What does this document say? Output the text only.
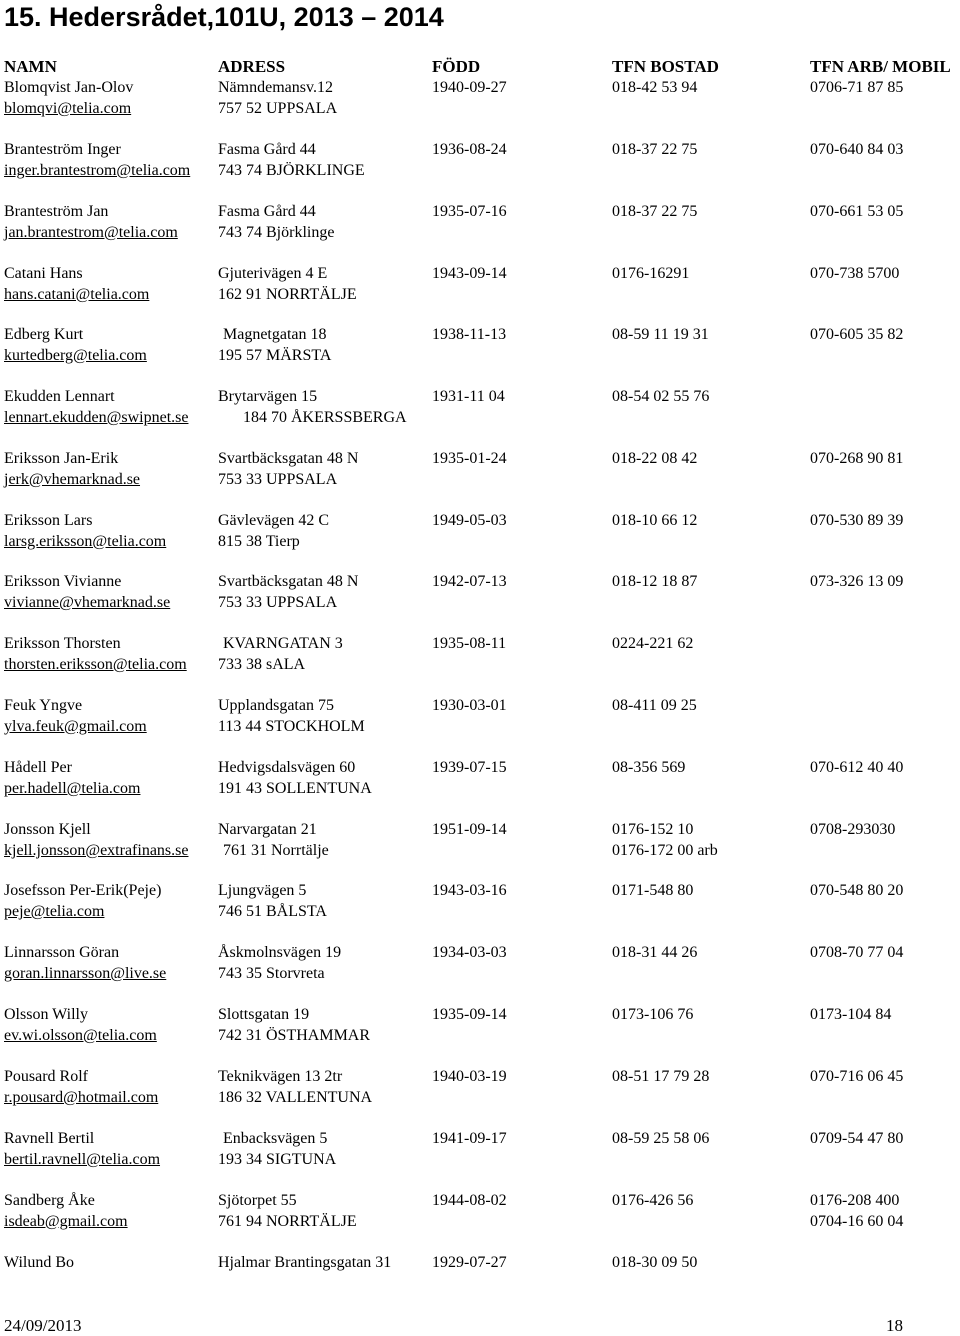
15. Hedersrådet,101U, 2013 – 2014
NAMN	ADRESS	FÖDD	TFN BOSTAD	TFN ARB/ MOBIL
Blomqvist Jan-Olov	Nämndemansv.12	1940-09-27	018-42 53 94	0706-71 87 85
blomqvi@telia.com	757 52 UPPSALA
Branteström Inger	Fasma Gård 44	1936-08-24	018-37 22 75	070-640 84 03
inger.brantestrom@telia.com 743 74 BJÖRKLINGE
Branteström Jan	Fasma Gård 44	1935-07-16	018-37 22 75	070-661 53 05
jan.brantestrom@telia.com	743 74 Björklinge
Catani Hans	Gjuterivägen 4 E	1943-09-14	0176-16291	070-738 5700
hans.catani@telia.com	162 91 NORRTÄLJE
Edberg Kurt	Magnetgatan 18	1938-11-13	08-59 11 19 31	070-605 35 82
kurtedberg@telia.com	195 57 MÄRSTA
Ekudden Lennart	Brytarvägen 15	1931-11 04	08-54 02 55 76
lennart.ekudden@swipnet.se	184 70 ÅKERSSBERGA
Eriksson Jan-Erik	Svartbäcksgatan 48 N	1935-01-24	018-22 08 42	070-268 90 81
jerk@vhemarknad.se	753 33 UPPSALA
Eriksson Lars	Gävlevägen 42 C	1949-05-03	018-10 66 12	070-530 89 39
larsg.eriksson@telia.com	815 38 Tierp
Eriksson Vivianne	Svartbäcksgatan 48 N	1942-07-13	018-12 18 87	073-326 13 09
vivianne@vhemarknad.se	753 33 UPPSALA
Eriksson Thorsten	KVARNGATAN 3	1935-08-11	0224-221 62
thorsten.eriksson@telia.com 733 38 sALA
Feuk Yngve	Upplandsgatan 75	1930-03-01	08-411 09 25
ylva.feuk@gmail.com	113 44 STOCKHOLM
Hådell Per	Hedvigsdalsvägen 60	1939-07-15	08-356 569	070-612 40 40
per.hadell@telia.com	191 43 SOLLENTUNA
Jonsson Kjell	Narvargatan 21	1951-09-14	0176-152 10	0708-293030
kjell.jonsson@extrafinans.se 761 31 Norrtälje	0176-172 00 arb
Josefsson Per-Erik(Peje)	Ljungvägen 5	1943-03-16	0171-548 80	070-548 80 20
peje@telia.com	746 51 BÅLSTA
Linnarsson Göran	Åskmolnsvägen 19	1934-03-03	018-31 44 26	0708-70 77 04
goran.linnarsson@live.se	743 35 Storvreta
Olsson Willy	Slottsgatan 19	1935-09-14	0173-106 76	0173-104 84
ev.wi.olsson@telia.com	742 31 ÖSTHAMMAR
Pousard Rolf	Teknikvägen 13 2tr	1940-03-19	08-51 17 79 28	070-716 06 45
r.pousard@hotmail.com	186 32 VALLENTUNA
Ravnell Bertil	Enbacksvägen 5	1941-09-17	08-59 25 58 06	0709-54 47 80
bertil.ravnell@telia.com	193 34 SIGTUNA
Sandberg Åke	Sjötorpet 55	1944-08-02	0176-426 56	0176-208 400
isdeab@gmail.com	761 94 NORRTÄLJE	0704-16 60 04
Wilund Bo	Hjalmar Brantingsgatan 31	1929-07-27	018-30 09 50
24/09/2013	18
